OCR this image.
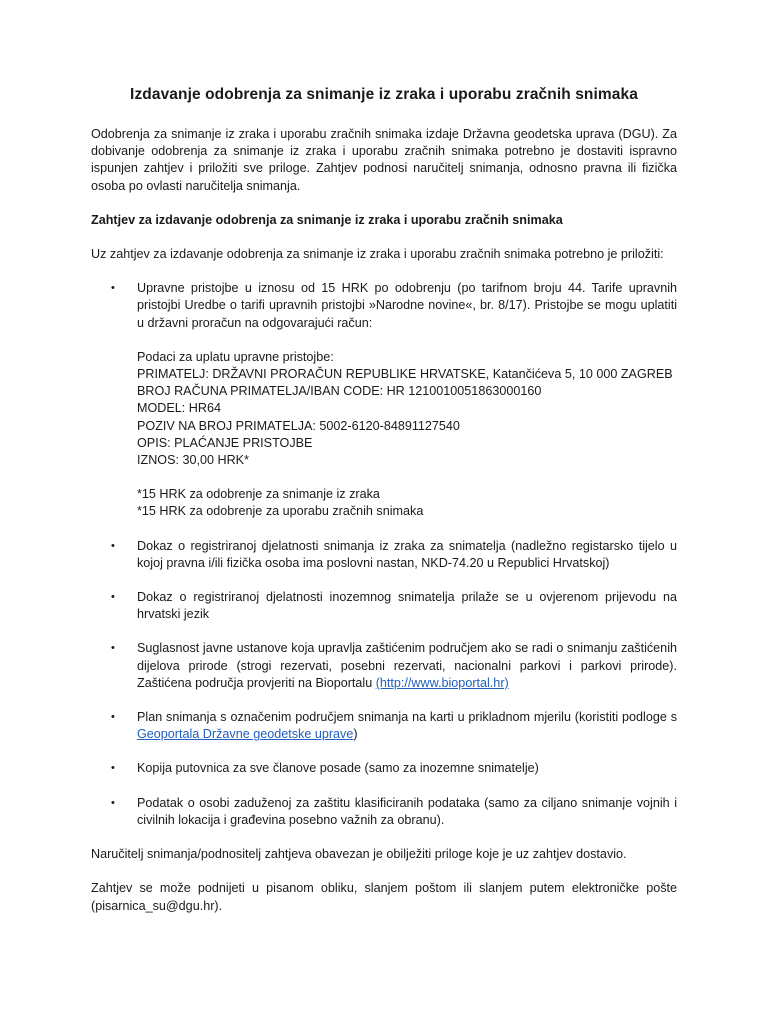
Izdavanje odobrenja za snimanje iz zraka i uporabu zračnih snimaka
Odobrenja za snimanje iz zraka i uporabu zračnih snimaka izdaje Državna geodetska uprava (DGU). Za dobivanje odobrenja za snimanje iz zraka i uporabu zračnih snimaka potrebno je dostaviti ispravno ispunjen zahtjev i priložiti sve priloge. Zahtjev podnosi naručitelj snimanja, odnosno pravna ili fizička osoba po ovlasti naručitelja snimanja.
Zahtjev za izdavanje odobrenja za snimanje iz zraka i uporabu zračnih snimaka
Uz zahtjev za izdavanje odobrenja za snimanje iz zraka i uporabu zračnih snimaka potrebno je priložiti:
• Upravne pristojbe u iznosu od 15 HRK po odobrenju (po tarifnom broju 44. Tarife upravnih pristojbi Uredbe o tarifi upravnih pristojbi »Narodne novine«, br. 8/17). Pristojbe se mogu uplatiti u državni proračun na odgovarajući račun:
Podaci za uplatu upravne pristojbe:
PRIMATELJ: DRŽAVNI PRORAČUN REPUBLIKE HRVATSKE, Katančićeva 5, 10 000 ZAGREB
BROJ RAČUNA PRIMATELJA/IBAN CODE: HR 1210010051863000160
MODEL: HR64
POZIV NA BROJ PRIMATELJA: 5002-6120-84891127540
OPIS: PLAĆANJE PRISTOJBE
IZNOS: 30,00 HRK*
*15 HRK za odobrenje za snimanje iz zraka
*15 HRK za odobrenje za uporabu zračnih snimaka
• Dokaz o registriranoj djelatnosti snimanja iz zraka za snimatelja (nadležno registarsko tijelo u kojoj pravna i/ili fizička osoba ima poslovni nastan, NKD-74.20 u Republici Hrvatskoj)
• Dokaz o registriranoj djelatnosti inozemnog snimatelja prilaže se u ovjerenom prijevodu na hrvatski jezik
• Suglasnost javne ustanove koja upravlja zaštićenim područjem ako se radi o snimanju zaštićenih dijelova prirode (strogi rezervati, posebni rezervati, nacionalni parkovi i parkovi prirode). Zaštićena područja provjeriti na Bioportalu (http://www.bioportal.hr)
• Plan snimanja s označenim područjem snimanja na karti u prikladnom mjerilu (koristiti podloge s Geoportala Državne geodetske uprave)
• Kopija putovnica za sve članove posade (samo za inozemne snimatelje)
• Podatak o osobi zaduženoj za zaštitu klasificiranih podataka (samo za ciljano snimanje vojnih i civilnih lokacija i građevina posebno važnih za obranu).
Naručitelj snimanja/podnositelj zahtjeva obavezan je obilježiti priloge koje je uz zahtjev dostavio.
Zahtjev se može podnijeti u pisanom obliku, slanjem poštom ili slanjem putem elektroničke pošte (pisarnica_su@dgu.hr).
